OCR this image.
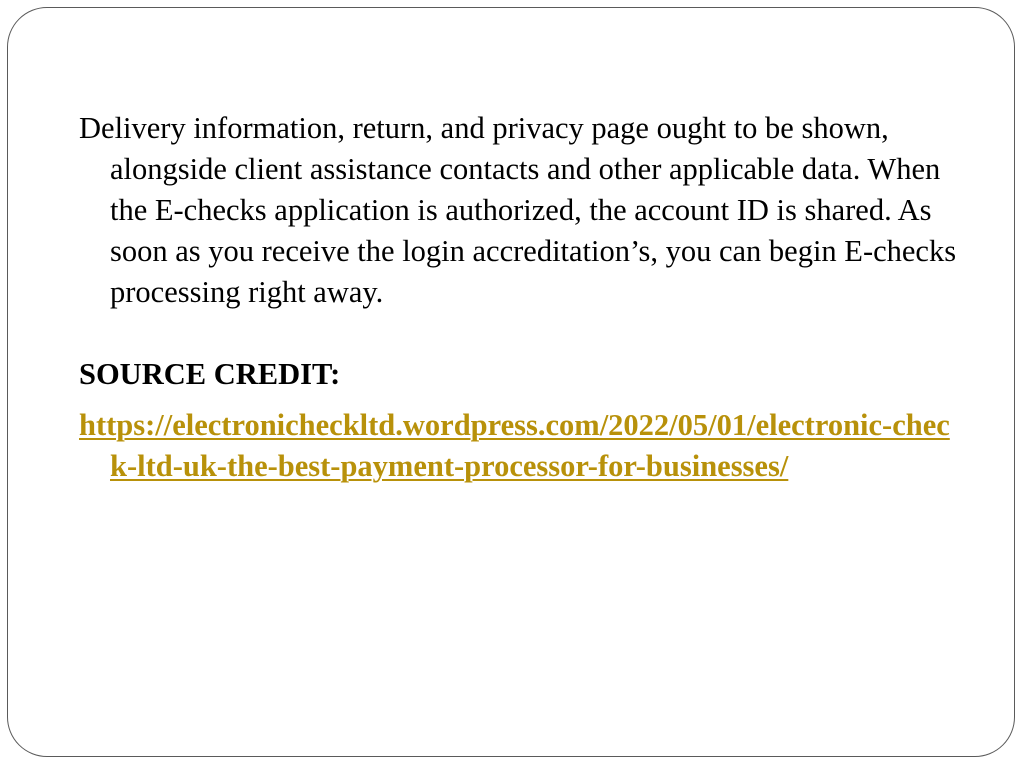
Delivery information, return, and privacy page ought to be shown, alongside client assistance contacts and other applicable data. When the E-checks application is authorized, the account ID is shared. As soon as you receive the login accreditation’s, you can begin E-checks processing right away.

SOURCE CREDIT:

https://electronicheckltd.wordpress.com/2022/05/01/electronic-check-ltd-uk-the-best-payment-processor-for-businesses/
